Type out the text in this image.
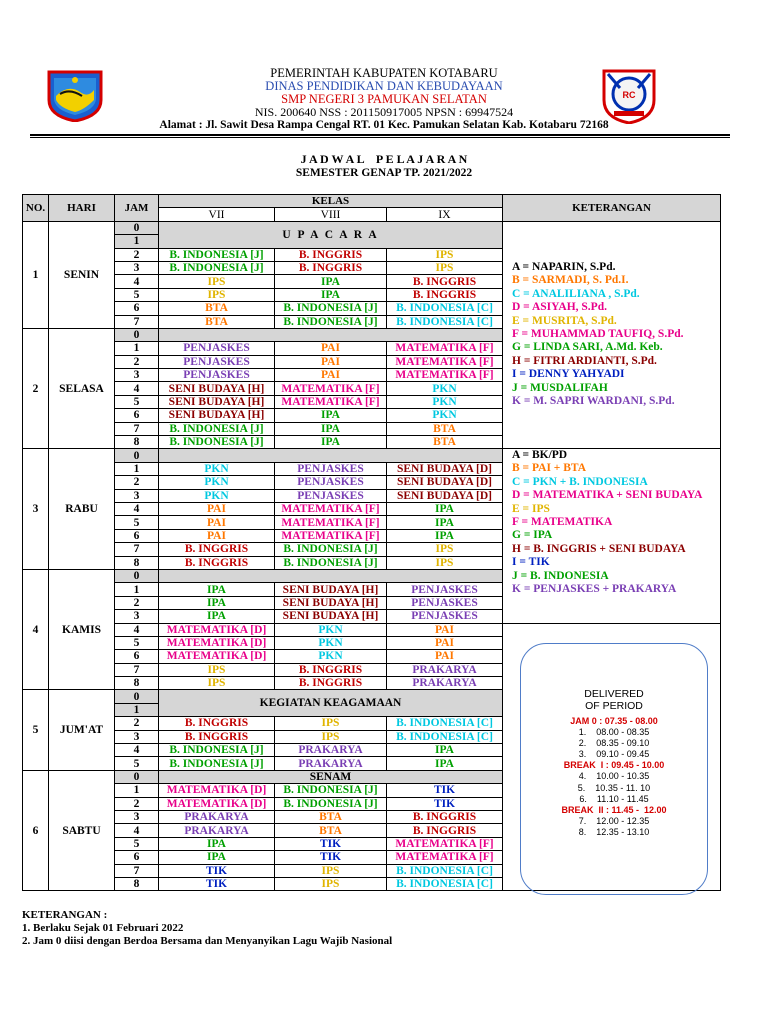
RC
PEMERINTAH KABUPATEN KOTABARU
DINAS PENDIDIKAN DAN KEBUDAYAAN
SMP NEGERI 3 PAMUKAN SELATAN
NIS. 200640 NSS : 201150917005 NPSN : 69947524
Alamat : Jl. Sawit Desa Rampa Cengal RT. 01 Kec. Pamukan Selatan Kab. Kotabaru 72168
J A D W A L    P E L A J A R A N
SEMESTER GENAP TP. 2021/2022
NO.	HARI	JAM	KELAS			KETERANGAN
			VII	VIII	IX	
1	SENIN	0	U P A C A R A			
		1				
		2	B. INDONESIA [J]	B. INGGRIS	IPS	
		3	B. INDONESIA [J]	B. INGGRIS	IPS	
		4	IPS	IPA	B. INGGRIS	
		5	IPS	IPA	B. INGGRIS	
		6	BTA	B. INDONESIA [J]	B. INDONESIA [C]	
		7	BTA	B. INDONESIA [J]	B. INDONESIA [C]	
2	SELASA	0				
		1	PENJASKES	PAI	MATEMATIKA [F]	
		2	PENJASKES	PAI	MATEMATIKA [F]	
		3	PENJASKES	PAI	MATEMATIKA [F]	
		4	SENI BUDAYA [H]	MATEMATIKA [F]	PKN	
		5	SENI BUDAYA [H]	MATEMATIKA [F]	PKN	
		6	SENI BUDAYA [H]	IPA	PKN	
		7	B. INDONESIA [J]	IPA	BTA	
		8	B. INDONESIA [J]	IPA	BTA	
3	RABU	0				
		1	PKN	PENJASKES	SENI BUDAYA [D]	
		2	PKN	PENJASKES	SENI BUDAYA [D]	
		3	PKN	PENJASKES	SENI BUDAYA [D]	
		4	PAI	MATEMATIKA [F]	IPA	
		5	PAI	MATEMATIKA [F]	IPA	
		6	PAI	MATEMATIKA [F]	IPA	
		7	B. INGGRIS	B. INDONESIA [J]	IPS	
		8	B. INGGRIS	B. INDONESIA [J]	IPS	
4	KAMIS	0				
		1	IPA	SENI BUDAYA [H]	PENJASKES	
		2	IPA	SENI BUDAYA [H]	PENJASKES	
		3	IPA	SENI BUDAYA [H]	PENJASKES	
		4	MATEMATIKA [D]	PKN	PAI	
		5	MATEMATIKA [D]	PKN	PAI	
		6	MATEMATIKA [D]	PKN	PAI	
		7	IPS	B. INGGRIS	PRAKARYA	
		8	IPS	B. INGGRIS	PRAKARYA	
5	JUM'AT	0	KEGIATAN KEAGAMAAN			
		1				
		2	B. INGGRIS	IPS	B. INDONESIA [C]	
		3	B. INGGRIS	IPS	B. INDONESIA [C]	
		4	B. INDONESIA [J]	PRAKARYA	IPA	
		5	B. INDONESIA [J]	PRAKARYA	IPA	
6	SABTU	0	SENAM			
		1	MATEMATIKA [D]	B. INDONESIA [J]	TIK	
		2	MATEMATIKA [D]	B. INDONESIA [J]	TIK	
		3	PRAKARYA	BTA	B. INGGRIS	
		4	PRAKARYA	BTA	B. INGGRIS	
		5	IPA	TIK	MATEMATIKA [F]	
		6	IPA	TIK	MATEMATIKA [F]	
		7	TIK	IPS	B. INDONESIA [C]	
		8	TIK	IPS	B. INDONESIA [C]	
A = NAPARIN, S.Pd.
B = SARMADI, S. Pd.I.
C = ANALILIANA , S.Pd.
D = ASIYAH, S.Pd.
E = MUSRITA, S.Pd.
F = MUHAMMAD TAUFIQ, S.Pd.
G = LINDA SARI, A.Md. Keb.
H = FITRI ARDIANTI, S.Pd.
I = DENNY YAHYADI
J = MUSDALIFAH
K = M. SAPRI WARDANI, S.Pd.
A = BK/PD
B = PAI + BTA
C = PKN + B. INDONESIA
D = MATEMATIKA + SENI BUDAYA
E = IPS
F = MATEMATIKA
G = IPA
H = B. INGGRIS + SENI BUDAYA
I = TIK
J = B. INDONESIA
K = PENJASKES + PRAKARYA
DELIVERED
OF PERIOD
JAM 0 : 07.35 - 08.00
1.    08.00 - 08.35
2.    08.35 - 09.10
3.    09.10 - 09.45
BREAK  I : 09.45 - 10.00
4.    10.00 - 10.35
5.    10.35 - 11. 10
6.    11.10 - 11.45
BREAK  II : 11.45 -  12.00
7.    12.00 - 12.35
8.    12.35 - 13.10
KETERANGAN :
1. Berlaku Sejak 01 Februari 2022
2. Jam 0 diisi dengan Berdoa Bersama dan Menyanyikan Lagu Wajib Nasional
